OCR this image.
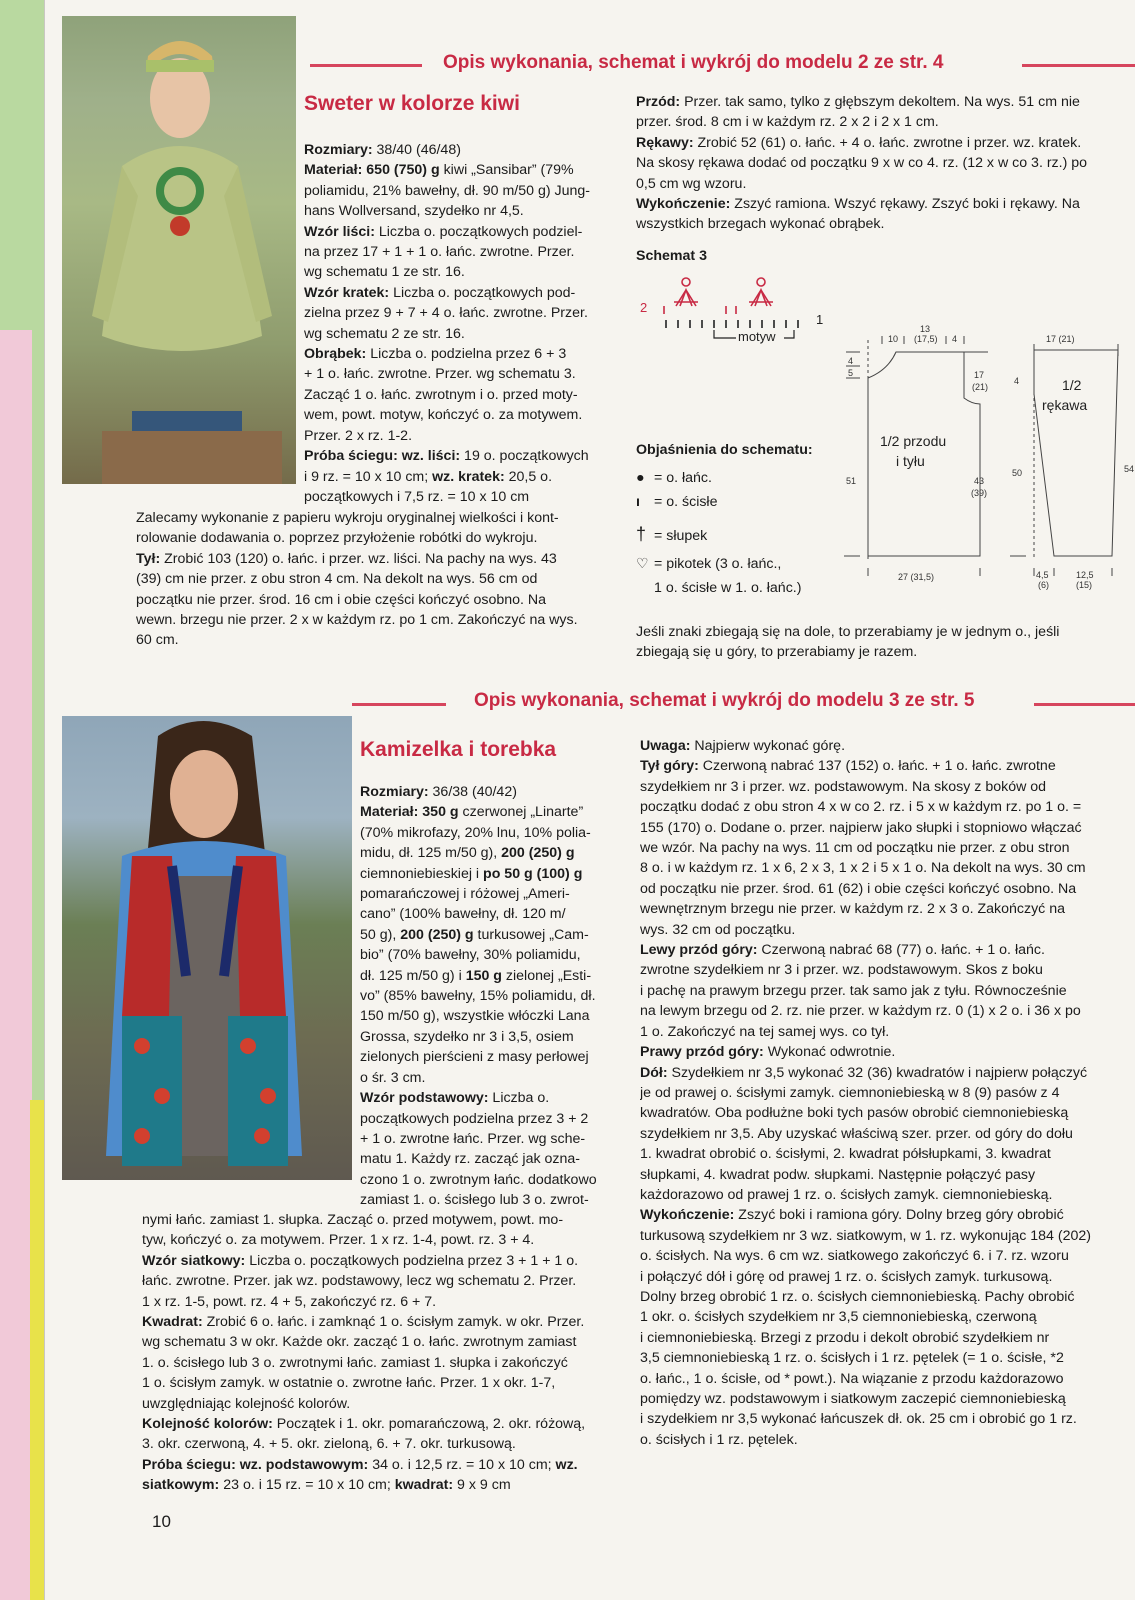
Opis wykonania, schemat i wykrój do modelu 2 ze str. 4
Sweter w kolorze kiwi

Rozmiary: 38/40 (46/48)

Materiał: 650 (750) g kiwi „Sansibar” (79%

poliamidu, 21% bawełny, dł. 90 m/50 g) Jung-

hans Wollversand, szydełko nr 4,5.

Wzór liści: Liczba o. początkowych podziel-

na przez 17 + 1 + 1 o. łańc. zwrotne. Przer.

wg schematu 1 ze str. 16.

Wzór kratek: Liczba o. początkowych pod-

zielna przez 9 + 7 + 4 o. łańc. zwrotne. Przer.

wg schematu 2 ze str. 16.

Obrąbek: Liczba o. podzielna przez 6 + 3

+ 1 o. łańc. zwrotne. Przer. wg schematu 3.

Zacząć 1 o. łańc. zwrotnym i o. przed moty-

wem, powt. motyw, kończyć o. za motywem.

Przer. 2 x rz. 1-2.

Próba ściegu: wz. liści: 19 o. początkowych

i 9 rz. = 10 x 10 cm; wz. kratek: 20,5 o.

początkowych i 7,5 rz. = 10 x 10 cm

Zalecamy wykonanie z papieru wykroju oryginalnej wielkości i kont-

rolowanie dodawania o. poprzez przyłożenie robótki do wykroju.

Tył: Zrobić 103 (120) o. łańc. i przer. wz. liści. Na pachy na wys. 43

(39) cm nie przer. z obu stron 4 cm. Na dekolt na wys. 56 cm od

początku nie przer. środ. 16 cm i obie części kończyć osobno. Na

wewn. brzegu nie przer. 2 x w każdym rz. po 1 cm. Zakończyć na wys.

60 cm.

Przód: Przer. tak samo, tylko z głębszym dekoltem. Na wys. 51 cm nie

przer. środ. 8 cm i w każdym rz. 2 x 2 i 2 x 1 cm.

Rękawy: Zrobić 52 (61) o. łańc. + 4 o. łańc. zwrotne i przer. wz. kratek.

Na skosy rękawa dodać od początku 9 x w co 4. rz. (12 x w co 3. rz.) po

0,5 cm wg wzoru.

Wykończenie: Zszyć ramiona. Wszyć rękawy. Zszyć boki i rękawy. Na

wszystkich brzegach wykonać obrąbek.

Schemat 3
2
1
motyw
Objaśnienia do schematu:

● = o. łańc.

ı = o. ścisłe

† = słupek

♡ = pikotek (3 o. łańc.,

1 o. ścisłe w 1. o. łańc.)

10
13
(17,5) 4
4
5	17
(21)
51	43
(39)
27 (31,5)
1/2 przodu
i tyłu
17 (21)
4
50	54
4,5
(6)
12,5
(15)
1/2
rękawa

Jeśli znaki zbiegają się na dole, to przerabiamy je w jednym o., jeśli

zbiegają się u góry, to przerabiamy je razem.

Opis wykonania, schemat i wykrój do modelu 3 ze str. 5
Kamizelka i torebka

Rozmiary: 36/38 (40/42)

Materiał: 350 g czerwonej „Linarte”

(70% mikrofazy, 20% lnu, 10% polia-

midu, dł. 125 m/50 g), 200 (250) g

ciemnoniebieskiej i po 50 g (100) g

pomarańczowej i różowej „Ameri-

cano” (100% bawełny, dł. 120 m/

50 g), 200 (250) g turkusowej „Cam-

bio” (70% bawełny, 30% poliamidu,

dł. 125 m/50 g) i 150 g zielonej „Esti-

vo” (85% bawełny, 15% poliamidu, dł.

150 m/50 g), wszystkie włóczki Lana

Grossa, szydełko nr 3 i 3,5, osiem

zielonych pierścieni z masy perłowej

o śr. 3 cm.

Wzór podstawowy: Liczba o.

początkowych podzielna przez 3 + 2

+ 1 o. zwrotne łańc. Przer. wg sche-

matu 1. Każdy rz. zacząć jak ozna-

czono 1 o. zwrotnym łańc. dodatkowo

zamiast 1. o. ścisłego lub 3 o. zwrot-

nymi łańc. zamiast 1. słupka. Zacząć o. przed motywem, powt. mo-

tyw, kończyć o. za motywem. Przer. 1 x rz. 1-4, powt. rz. 3 + 4.

Wzór siatkowy: Liczba o. początkowych podzielna przez 3 + 1 + 1 o.

łańc. zwrotne. Przer. jak wz. podstawowy, lecz wg schematu 2. Przer.

1 x rz. 1-5, powt. rz. 4 + 5, zakończyć rz. 6 + 7.

Kwadrat: Zrobić 6 o. łańc. i zamknąć 1 o. ścisłym zamyk. w okr. Przer.

wg schematu 3 w okr. Każde okr. zacząć 1 o. łańc. zwrotnym zamiast

1. o. ścisłego lub 3 o. zwrotnymi łańc. zamiast 1. słupka i zakończyć

1 o. ścisłym zamyk. w ostatnie o. zwrotne łańc. Przer. 1 x okr. 1-7,

uwzględniając kolejność kolorów.

Kolejność kolorów: Początek i 1. okr. pomarańczową, 2. okr. różową,

3. okr. czerwoną, 4. + 5. okr. zieloną, 6. + 7. okr. turkusową.

Próba ściegu: wz. podstawowym: 34 o. i 12,5 rz. = 10 x 10 cm; wz.

siatkowym: 23 o. i 15 rz. = 10 x 10 cm; kwadrat: 9 x 9 cm

Uwaga: Najpierw wykonać górę.

Tył góry: Czerwoną nabrać 137 (152) o. łańc. + 1 o. łańc. zwrotne

szydełkiem nr 3 i przer. wz. podstawowym. Na skosy z boków od

początku dodać z obu stron 4 x w co 2. rz. i 5 x w każdym rz. po 1 o. =

155 (170) o. Dodane o. przer. najpierw jako słupki i stopniowo włączać

we wzór. Na pachy na wys. 11 cm od początku nie przer. z obu stron

8 o. i w każdym rz. 1 x 6, 2 x 3, 1 x 2 i 5 x 1 o. Na dekolt na wys. 30 cm

od początku nie przer. środ. 61 (62) i obie części kończyć osobno. Na

wewnętrznym brzegu nie przer. w każdym rz. 2 x 3 o. Zakończyć na

wys. 32 cm od początku.

Lewy przód góry: Czerwoną nabrać 68 (77) o. łańc. + 1 o. łańc.

zwrotne szydełkiem nr 3 i przer. wz. podstawowym. Skos z boku

i pachę na prawym brzegu przer. tak samo jak z tyłu. Równocześnie

na lewym brzegu od 2. rz. nie przer. w każdym rz. 0 (1) x 2 o. i 36 x po

1 o. Zakończyć na tej samej wys. co tył.

Prawy przód góry: Wykonać odwrotnie.

Dół: Szydełkiem nr 3,5 wykonać 32 (36) kwadratów i najpierw połączyć

je od prawej o. ścisłymi zamyk. ciemnoniebieską w 8 (9) pasów z 4

kwadratów. Oba podłużne boki tych pasów obrobić ciemnoniebieską

szydełkiem nr 3,5. Aby uzyskać właściwą szer. przer. od góry do dołu

1. kwadrat obrobić o. ścisłymi, 2. kwadrat półsłupkami, 3. kwadrat

słupkami, 4. kwadrat podw. słupkami. Następnie połączyć pasy

każdorazowo od prawej 1 rz. o. ścisłych zamyk. ciemnoniebieską.

Wykończenie: Zszyć boki i ramiona góry. Dolny brzeg góry obrobić

turkusową szydełkiem nr 3 wz. siatkowym, w 1. rz. wykonując 184 (202)

o. ścisłych. Na wys. 6 cm wz. siatkowego zakończyć 6. i 7. rz. wzoru

i połączyć dół i górę od prawej 1 rz. o. ścisłych zamyk. turkusową.

Dolny brzeg obrobić 1 rz. o. ścisłych ciemnoniebieską. Pachy obrobić

1 okr. o. ścisłych szydełkiem nr 3,5 ciemnoniebieską, czerwoną

i ciemnoniebieską. Brzegi z przodu i dekolt obrobić szydełkiem nr

3,5 ciemnoniebieską 1 rz. o. ścisłych i 1 rz. pętelek (= 1 o. ścisłe, *2

o. łańc., 1 o. ścisłe, od * powt.). Na wiązanie z przodu każdorazowo

pomiędzy wz. podstawowym i siatkowym zaczepić ciemnoniebieską

i szydełkiem nr 3,5 wykonać łańcuszek dł. ok. 25 cm i obrobić go 1 rz.

o. ścisłych i 1 rz. pętelek.

10
